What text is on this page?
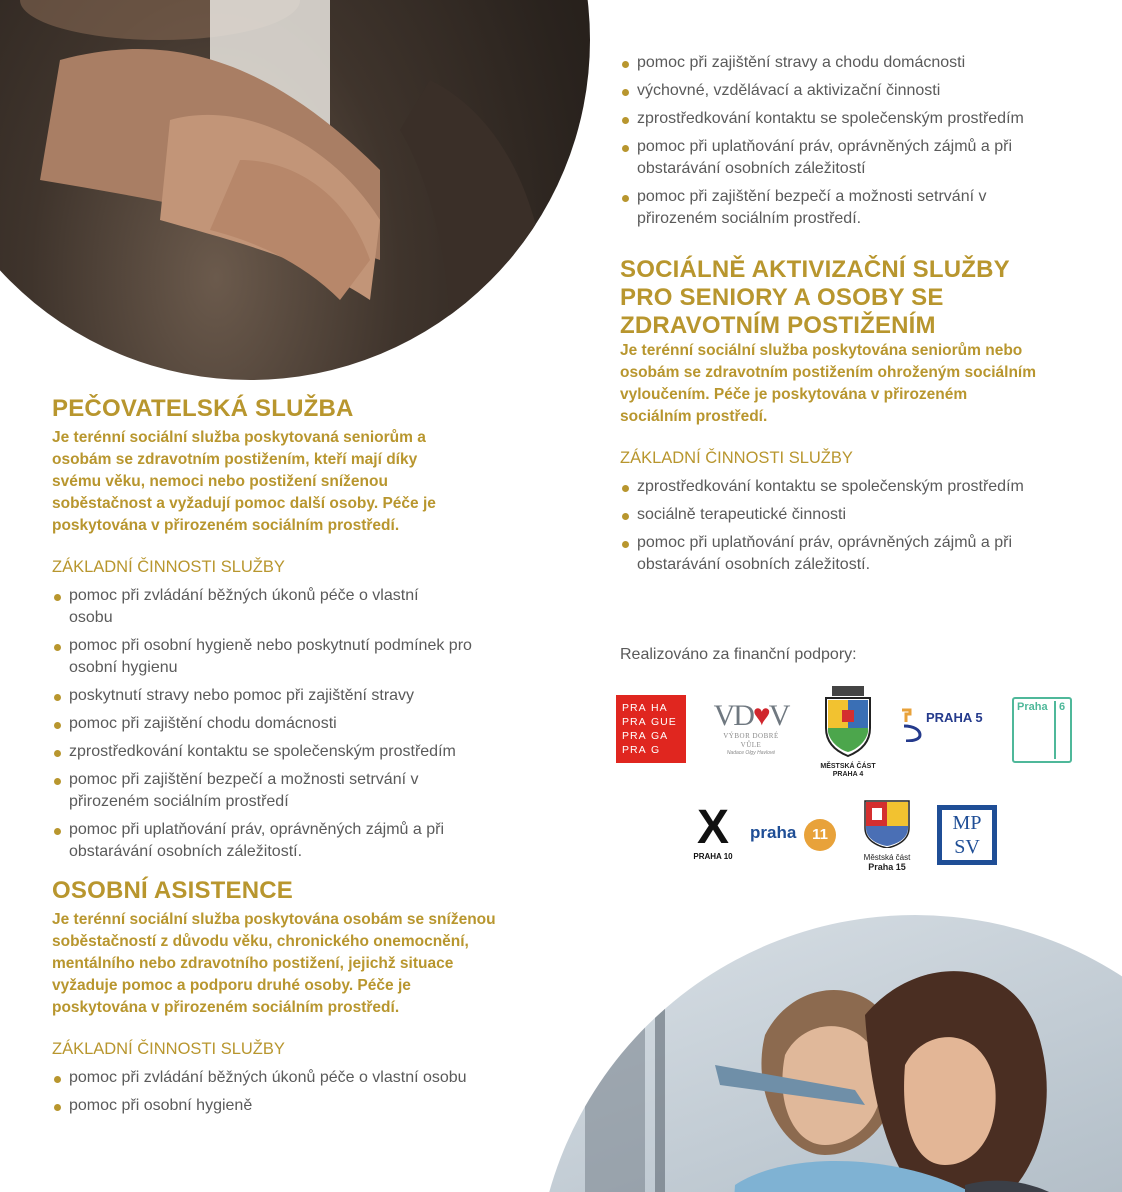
PEČOVATELSKÁ SLUŽBA

Je terénní sociální služba poskytovaná seniorům a osobám se zdravotním postižením, kteří mají díky svému věku, nemoci nebo postižení sníženou soběstačnost a vyžadují pomoc další osoby. Péče je poskytována v přirozeném sociálním prostředí.

ZÁKLADNÍ ČINNOSTI SLUŽBY
pomoc při zvládání běžných úkonů péče o vlastní osobu
pomoc při osobní hygieně nebo poskytnutí podmínek pro osobní hygienu
poskytnutí stravy nebo pomoc při zajištění stravy
pomoc při zajištění chodu domácnosti
zprostředkování kontaktu se společenským prostředím
pomoc při zajištění bezpečí a možnosti setrvání v přirozeném sociálním prostředí
pomoc při uplatňování práv, oprávněných zájmů a při obstarávání osobních záležitostí.
OSOBNÍ ASISTENCE

Je terénní sociální služba poskytována osobám se sníženou soběstačností z důvodu věku, chronického onemocnění, mentálního nebo zdravotního postižení, jejichž situace vyžaduje pomoc a podporu druhé osoby. Péče je poskytována v přirozeném sociálním prostředí.

ZÁKLADNÍ ČINNOSTI SLUŽBY
pomoc při zvládání běžných úkonů péče o vlastní osobu
pomoc při osobní hygieně
pomoc při zajištění stravy a chodu domácnosti
výchovné, vzdělávací a aktivizační činnosti
zprostředkování kontaktu se společenským prostředím
pomoc při uplatňování práv, oprávněných zájmů a při obstarávání osobních záležitostí
pomoc při zajištění bezpečí a možnosti setrvání v přirozeném sociálním prostředí.
SOCIÁLNĚ AKTIVIZAČNÍ SLUŽBY PRO SENIORY A OSOBY SE ZDRAVOTNÍM POSTIŽENÍM

Je terénní sociální služba poskytována seniorům nebo osobám se zdravotním postižením ohroženým sociálním vyloučením. Péče je poskytována v přirozeném sociálním prostředí.

ZÁKLADNÍ ČINNOSTI SLUŽBY
zprostředkování kontaktu se společenským prostředím
sociálně terapeutické činnosti
pomoc při uplatňování práv, oprávněných zájmů a při obstarávání osobních záležitostí.
Realizováno za finanční podpory:
PRA HA
PRA GUE
PRA GA
PRA G
VD♥V
VÝBOR DOBRÉ VŮLE
Nadace Olgy Havlové
MĚSTSKÁ ČÁST
PRAHA 4
PRAHA 5
Praha	6
X
PRAHA 10
praha	11
Městská část
Praha 15
MP
SV
